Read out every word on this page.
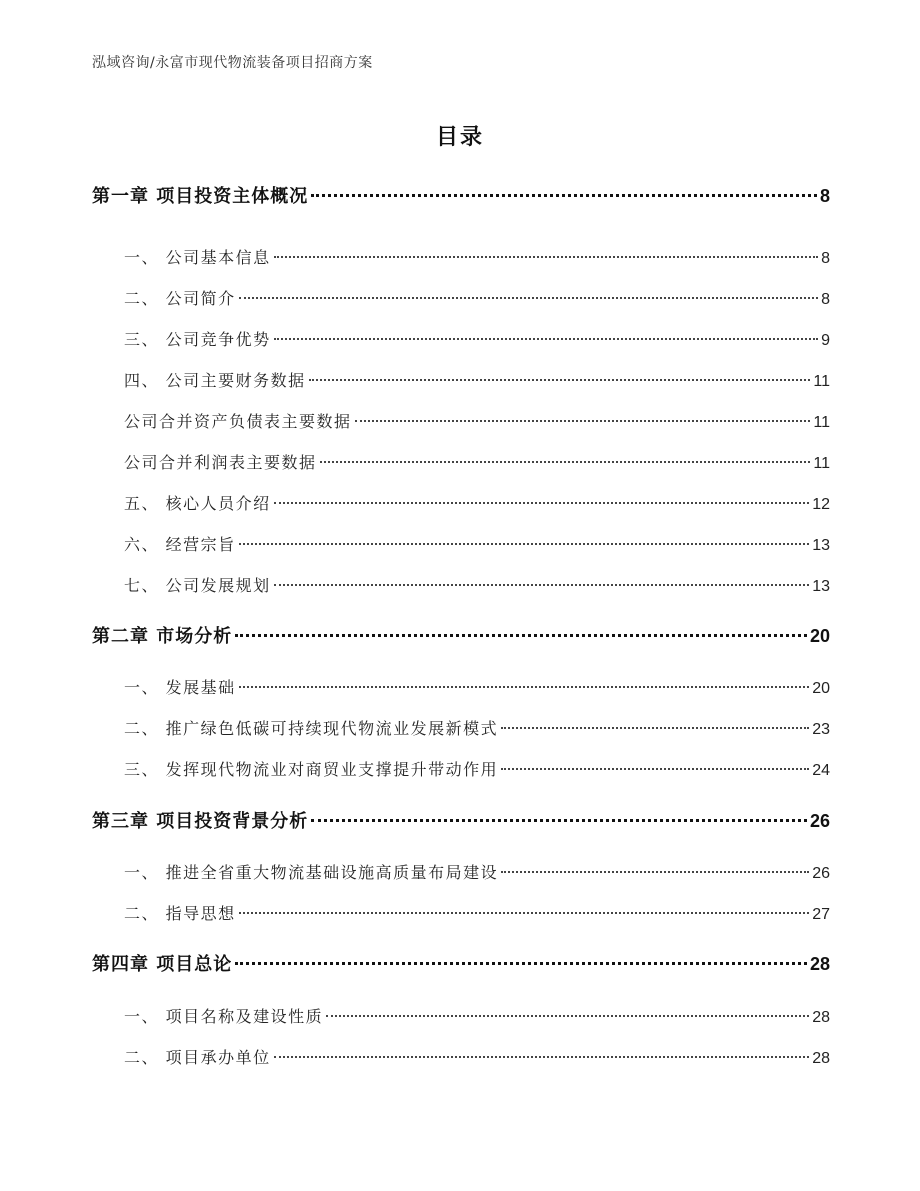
泓域咨询/永富市现代物流装备项目招商方案
目录
第一章 项目投资主体概况	8
一、 公司基本信息	8
二、 公司简介	8
三、 公司竞争优势	9
四、 公司主要财务数据	11
公司合并资产负债表主要数据	11
公司合并利润表主要数据	11
五、 核心人员介绍	12
六、 经营宗旨	13
七、 公司发展规划	13
第二章 市场分析	20
一、 发展基础	20
二、 推广绿色低碳可持续现代物流业发展新模式	23
三、 发挥现代物流业对商贸业支撑提升带动作用	24
第三章 项目投资背景分析	26
一、 推进全省重大物流基础设施高质量布局建设	26
二、 指导思想	27
第四章 项目总论	28
一、 项目名称及建设性质	28
二、 项目承办单位	28
